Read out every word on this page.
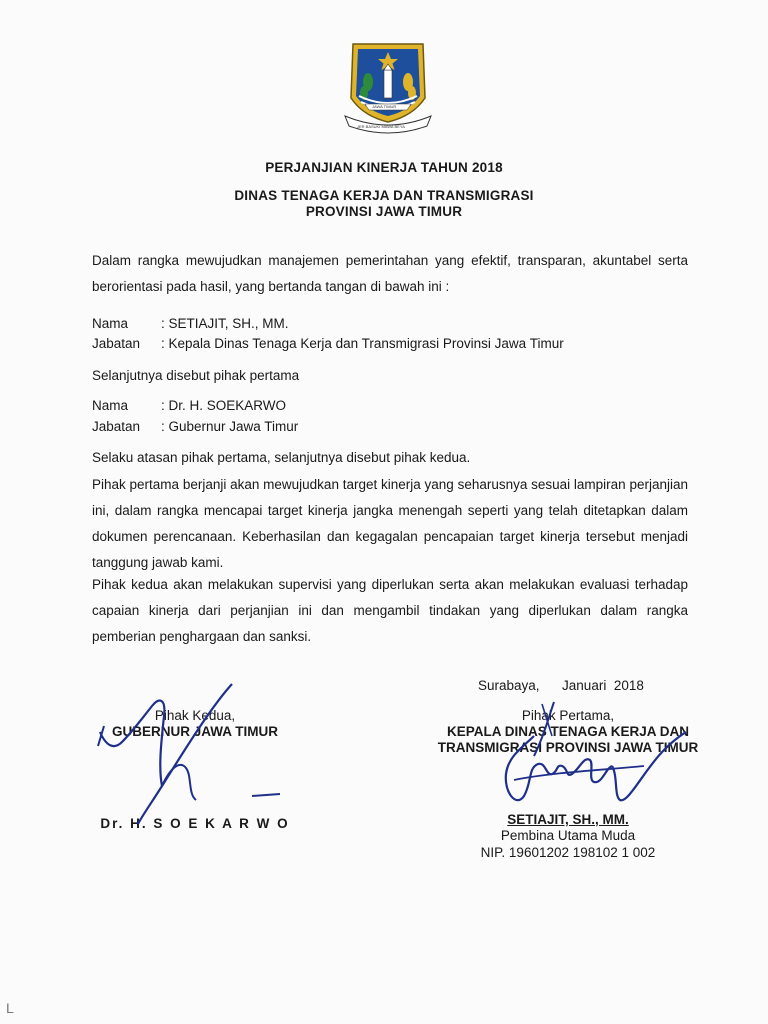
JAWA TIMUR
JER BASUKI MAWA BEYA
PERJANJIAN KINERJA TAHUN 2018
DINAS TENAGA KERJA DAN TRANSMIGRASI
PROVINSI JAWA TIMUR
Dalam rangka mewujudkan manajemen pemerintahan yang efektif, transparan, akuntabel serta berorientasi pada hasil, yang bertanda tangan di bawah ini :
Nama : SETIAJIT, SH., MM.
Jabatan : Kepala Dinas Tenaga Kerja dan Transmigrasi Provinsi Jawa Timur
Selanjutnya disebut pihak pertama
Nama : Dr. H. SOEKARWO
Jabatan : Gubernur Jawa Timur
Selaku atasan pihak pertama, selanjutnya disebut pihak kedua.
Pihak pertama berjanji akan mewujudkan target kinerja yang seharusnya sesuai lampiran perjanjian ini, dalam rangka mencapai target kinerja jangka menengah seperti yang telah ditetapkan dalam dokumen perencanaan. Keberhasilan dan kegagalan pencapaian target kinerja tersebut menjadi tanggung jawab kami.
Pihak kedua akan melakukan supervisi yang diperlukan serta akan melakukan evaluasi terhadap capaian kinerja dari perjanjian ini dan mengambil tindakan yang diperlukan dalam rangka pemberian penghargaan dan sanksi.
Surabaya,      Januari  2018
Pihak Kedua,
GUBERNUR JAWA TIMUR
Dr. H. S O E K A R W O
Pihak Pertama,
KEPALA DINAS TENAGA KERJA DAN
TRANSMIGRASI PROVINSI JAWA TIMUR
SETIAJIT, SH., MM.
Pembina Utama Muda
NIP. 19601202 198102 1 002
L
